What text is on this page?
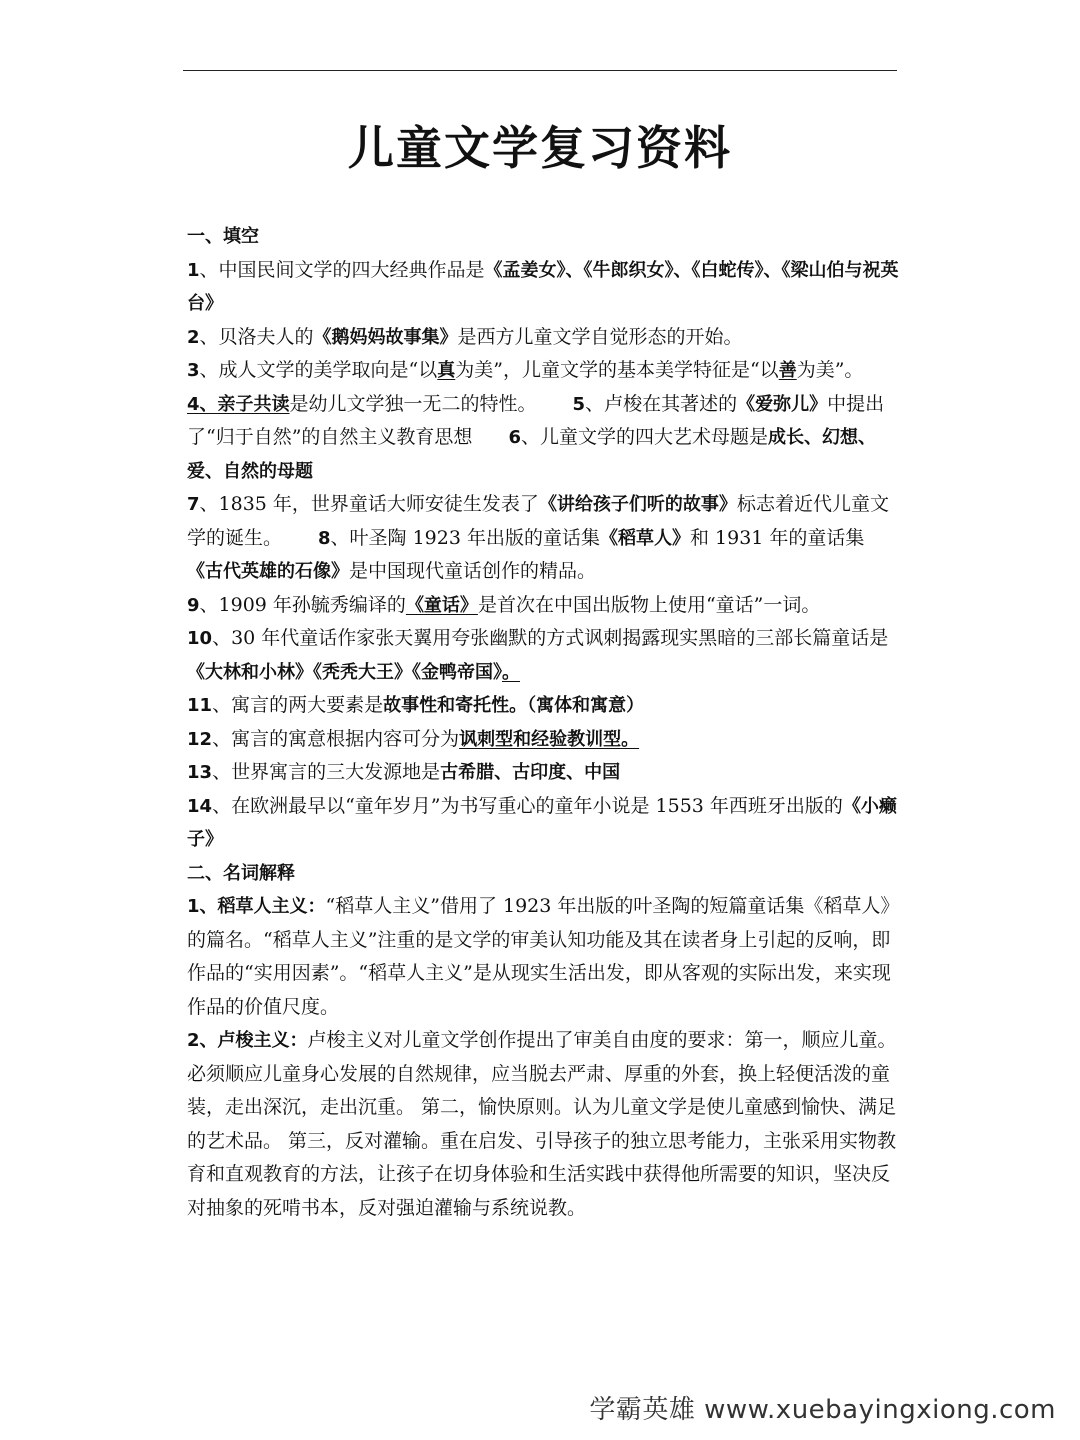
儿童文学复习资料

一、填空

1、中国民间文学的四大经典作品是《孟姜女》、《牛郎织女》、《白蛇传》、《梁山伯与祝英台》

2、贝洛夫人的《鹅妈妈故事集》是西方儿童文学自觉形态的开始。

3、成人文学的美学取向是“以真为美”，儿童文学的基本美学特征是“以善为美”。

4、亲子共读是幼儿文学独一无二的特性。 5、卢梭在其著述的《爱弥儿》中提出了“归于自然”的自然主义教育思想 6、儿童文学的四大艺术母题是成长、幻想、爱、自然的母题

7、1835 年，世界童话大师安徒生发表了《讲给孩子们听的故事》标志着近代儿童文学的诞生。 8、叶圣陶 1923 年出版的童话集《稻草人》和 1931 年的童话集《古代英雄的石像》是中国现代童话创作的精品。

9、1909 年孙毓秀编译的《童话》是首次在中国出版物上使用“童话”一词。

10、30 年代童话作家张天翼用夸张幽默的方式讽刺揭露现实黑暗的三部长篇童话是《大林和小林》《秃秃大王》《金鸭帝国》。

11、寓言的两大要素是故事性和寄托性。（寓体和寓意）

12、寓言的寓意根据内容可分为讽刺型和经验教训型。

13、世界寓言的三大发源地是古希腊、古印度、中国

14、在欧洲最早以“童年岁月”为书写重心的童年小说是 1553 年西班牙出版的《小癞子》

二、名词解释

1、稻草人主义：“稻草人主义”借用了 1923 年出版的叶圣陶的短篇童话集《稻草人》的篇名。“稻草人主义”注重的是文学的审美认知功能及其在读者身上引起的反响，即作品的“实用因素”。“稻草人主义”是从现实生活出发，即从客观的实际出发，来实现作品的价值尺度。

2、卢梭主义：卢梭主义对儿童文学创作提出了审美自由度的要求：第一，顺应儿童。必须顺应儿童身心发展的自然规律，应当脱去严肃、厚重的外套，换上轻便活泼的童装，走出深沉，走出沉重。 第二，愉快原则。认为儿童文学是使儿童感到愉快、满足的艺术品。 第三，反对灌输。重在启发、引导孩子的独立思考能力，主张采用实物教育和直观教育的方法，让孩子在切身体验和生活实践中获得他所需要的知识，坚决反对抽象的死啃书本，反对强迫灌输与系统说教。

学霸英雄 www.xuebayingxiong.com
